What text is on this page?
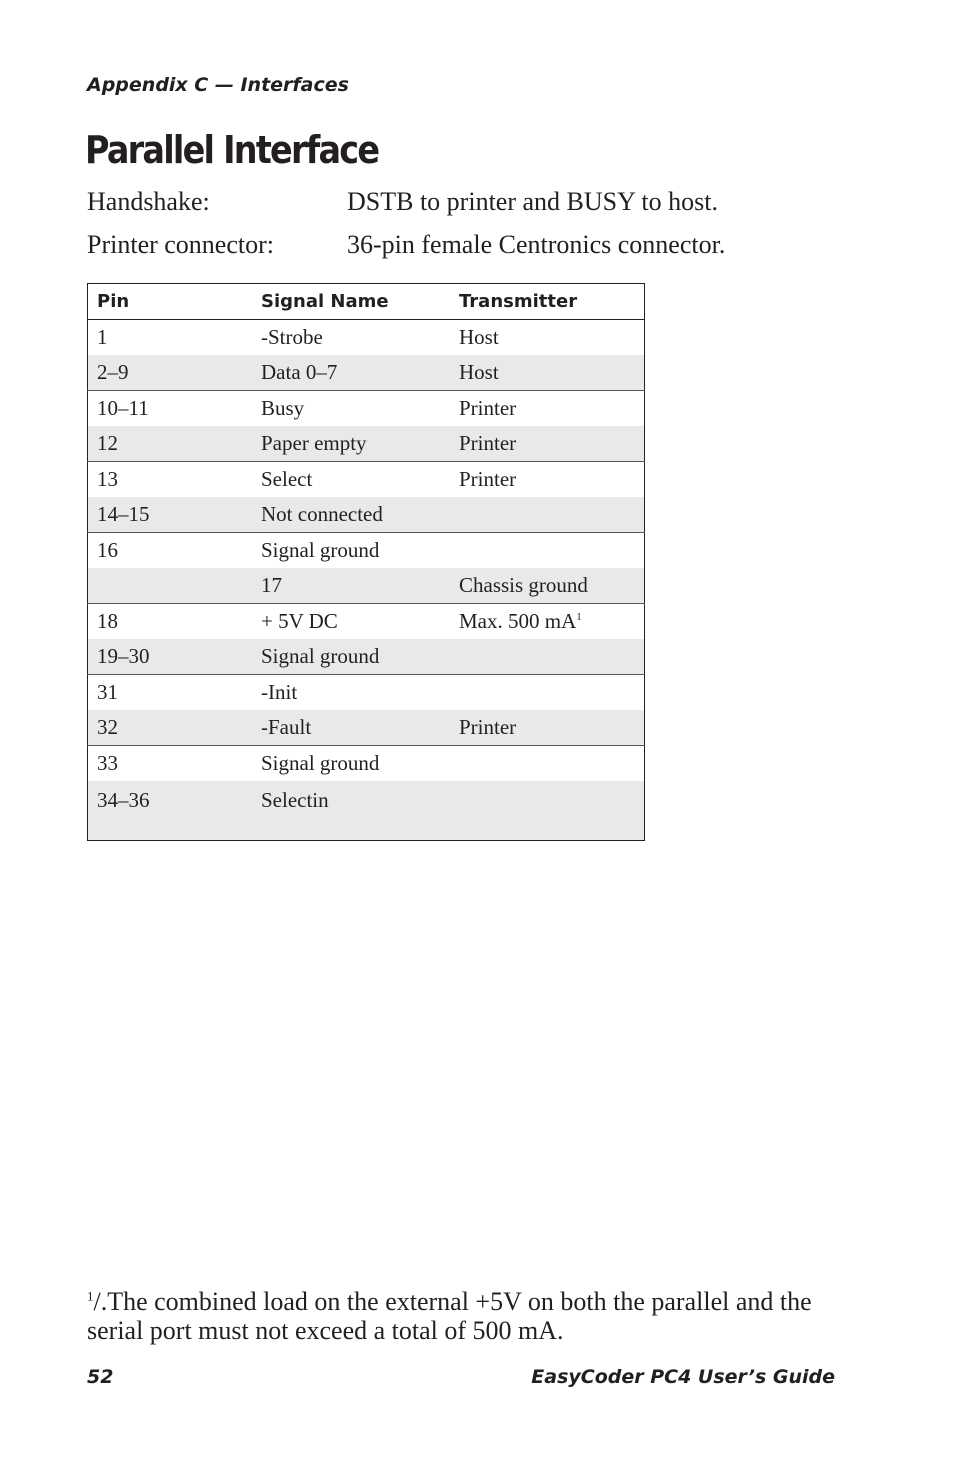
Appendix C — Interfaces
Parallel Interface
Handshake:	DSTB to printer and BUSY to host.
Printer connector:	36-pin female Centronics connector.
Pin	Signal Name	Transmitter
1	-Strobe	Host
2–9	Data 0–7	Host
10–11	Busy	Printer
12	Paper empty	Printer
13	Select	Printer
14–15	Not connected	
16	Signal ground	
	17	Chassis ground
18	+ 5V DC	Max. 500 $mA^1$
19–30	Signal ground	
31	-Init	
32	-Fault	Printer
33	Signal ground	
34–36	Selectin	
$^1$/.The combined load on the external +5V on both the parallel and the serial port must not exceed a total of 500 mA.
52	EasyCoder PC4 User’s Guide
